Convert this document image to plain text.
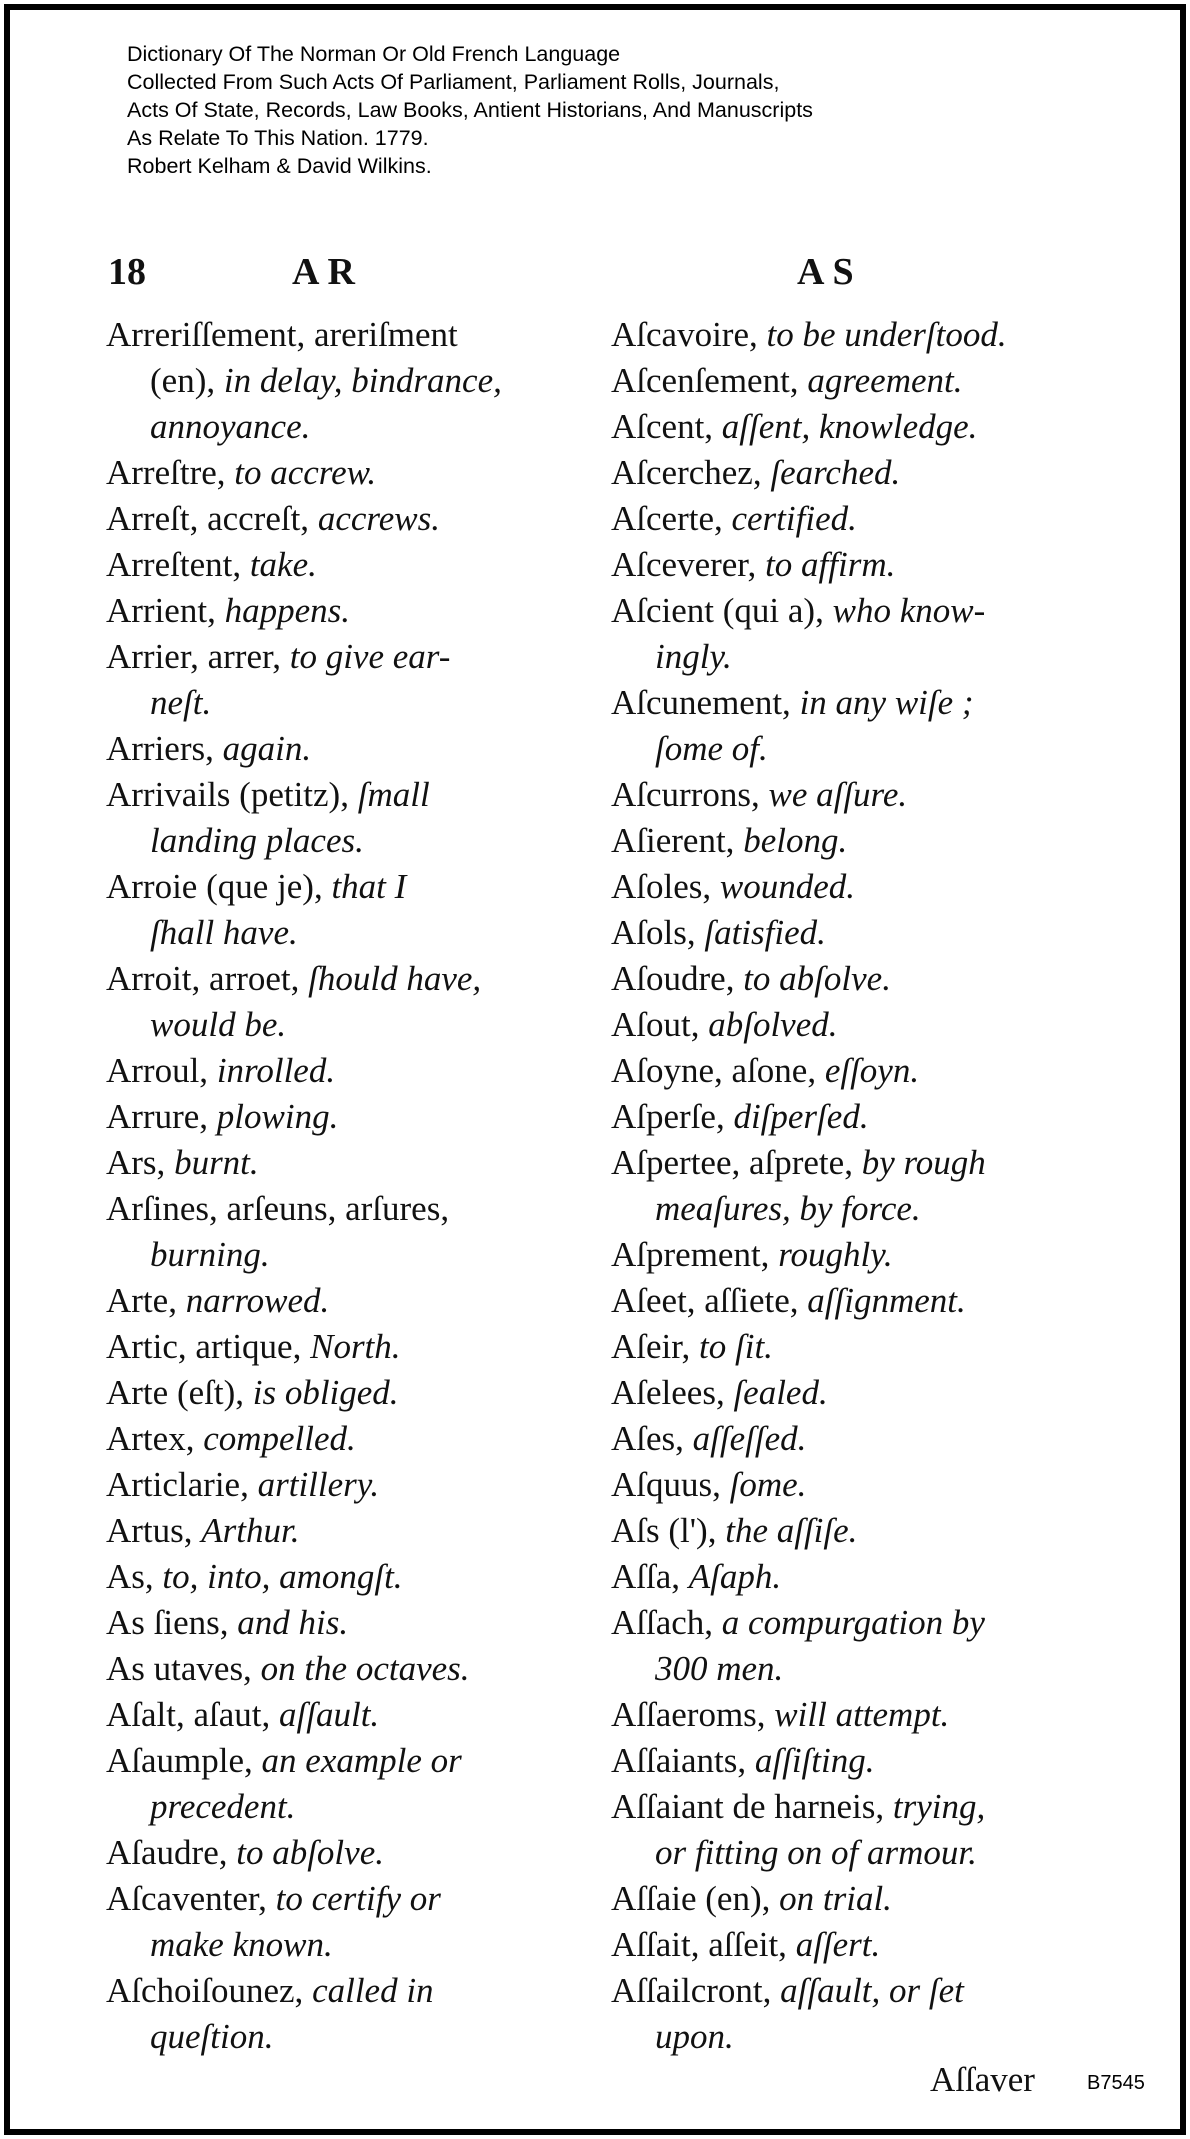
Dictionary Of The Norman Or Old French Language
Collected From Such Acts Of Parliament, Parliament Rolls, Journals,
Acts Of State, Records, Law Books, Antient Historians, And Manuscripts
As Relate To This Nation. 1779.
Robert Kelham & David Wilkins.
18	AR	AS
Arreriſſement, areriſment
(en), in delay, bindrance,
annoyance.
Arreſtre, to accrew.
Arreſt, accreſt, accrews.
Arreſtent, take.
Arrient, happens.
Arrier, arrer, to give ear-
neſt.
Arriers, again.
Arrivails (petitz), ſmall
landing places.
Arroie (que je), that I
ſhall have.
Arroit, arroet, ſhould have,
would be.
Arroul, inrolled.
Arrure, plowing.
Ars, burnt.
Arſines, arſeuns, arſures,
burning.
Arte, narrowed.
Artic, artique, North.
Arte (eſt), is obliged.
Artex, compelled.
Articlarie, artillery.
Artus, Arthur.
As, to, into, amongſt.
As ſiens, and his.
As utaves, on the octaves.
Aſalt, aſaut, aſſault.
Aſaumple, an example or
precedent.
Aſaudre, to abſolve.
Aſcaventer, to certify or
make known.
Aſchoiſounez, called in
queſtion.
Aſcavoire, to be underſtood.
Aſcenſement, agreement.
Aſcent, aſſent, knowledge.
Aſcerchez, ſearched.
Aſcerte, certified.
Aſceverer, to affirm.
Aſcient (qui a), who know-
ingly.
Aſcunement, in any wiſe ;
ſome of.
Aſcurrons, we aſſure.
Aſierent, belong.
Aſoles, wounded.
Aſols, ſatisfied.
Aſoudre, to abſolve.
Aſout, abſolved.
Aſoyne, aſone, eſſoyn.
Aſperſe, diſperſed.
Aſpertee, aſprete, by rough
meaſures, by force.
Aſprement, roughly.
Aſeet, aſſiete, aſſignment.
Aſeir, to ſit.
Aſelees, ſealed.
Aſes, aſſeſſed.
Aſquus, ſome.
Aſs (l'), the aſſiſe.
Aſſa, Aſaph.
Aſſach, a compurgation by
300 men.
Aſſaeroms, will attempt.
Aſſaiants, aſſiſting.
Aſſaiant de harneis, trying,
or fitting on of armour.
Aſſaie (en), on trial.
Aſſait, aſſeit, aſſert.
Aſſailcront, aſſault, or ſet
upon.
Aſſaver	B7545
